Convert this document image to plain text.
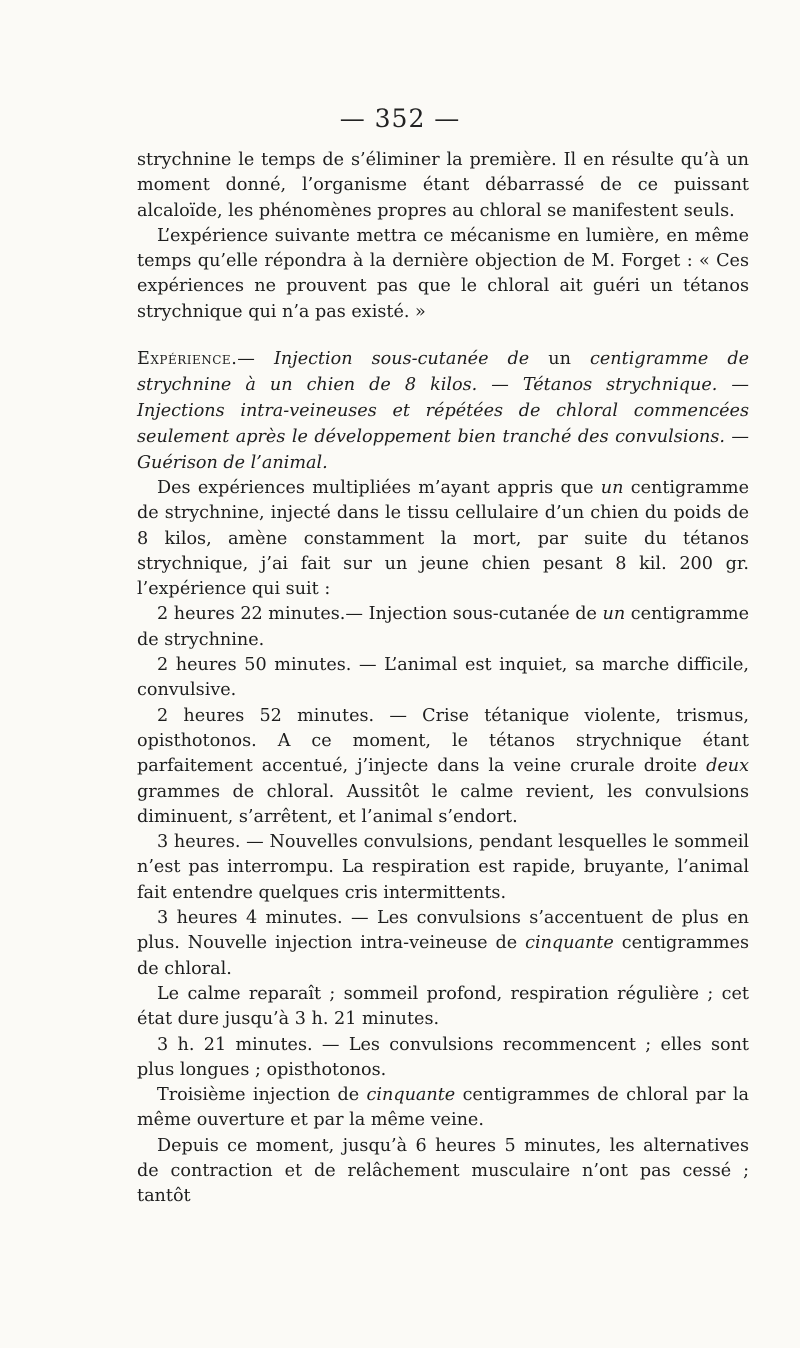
— 352 —

strychnine le temps de s’éliminer la première. Il en résulte qu’à un moment donné, l’organisme étant débarrassé de ce puissant alcaloïde, les phénomènes propres au chloral se manifestent seuls.

L’expérience suivante mettra ce mécanisme en lumière, en même temps qu’elle répondra à la dernière objection de M. Forget : « Ces expériences ne prouvent pas que le chloral ait guéri un tétanos strychnique qui n’a pas existé. »

Expérience.— Injection sous-cutanée de un centigramme de strychnine à un chien de 8 kilos. — Tétanos strychnique. — Injections intra-veineuses et répétées de chloral commencées seulement après le développement bien tranché des convulsions. — Guérison de l’animal.

Des expériences multipliées m’ayant appris que un centigramme de strychnine, injecté dans le tissu cellulaire d’un chien du poids de 8 kilos, amène constamment la mort, par suite du tétanos strychnique, j’ai fait sur un jeune chien pesant 8 kil. 200 gr. l’expérience qui suit :

2 heures 22 minutes.— Injection sous-cutanée de un centigramme de strychnine.

2 heures 50 minutes. — L’animal est inquiet, sa marche difficile, convulsive.

2 heures 52 minutes. — Crise tétanique violente, trismus, opisthotonos. A ce moment, le tétanos strychnique étant parfaitement accentué, j’injecte dans la veine crurale droite deux grammes de chloral. Aussitôt le calme revient, les convulsions diminuent, s’arrêtent, et l’animal s’endort.

3 heures. — Nouvelles convulsions, pendant lesquelles le sommeil n’est pas interrompu. La respiration est rapide, bruyante, l’animal fait entendre quelques cris intermittents.

3 heures 4 minutes. — Les convulsions s’accentuent de plus en plus. Nouvelle injection intra-veineuse de cinquante centigrammes de chloral.

Le calme reparaît ; sommeil profond, respiration régulière ; cet état dure jusqu’à 3 h. 21 minutes.

3 h. 21 minutes. — Les convulsions recommencent ; elles sont plus longues ; opisthotonos.

Troisième injection de cinquante centigrammes de chloral par la même ouverture et par la même veine.

Depuis ce moment, jusqu’à 6 heures 5 minutes, les alternatives de contraction et de relâchement musculaire n’ont pas cessé ; tantôt
